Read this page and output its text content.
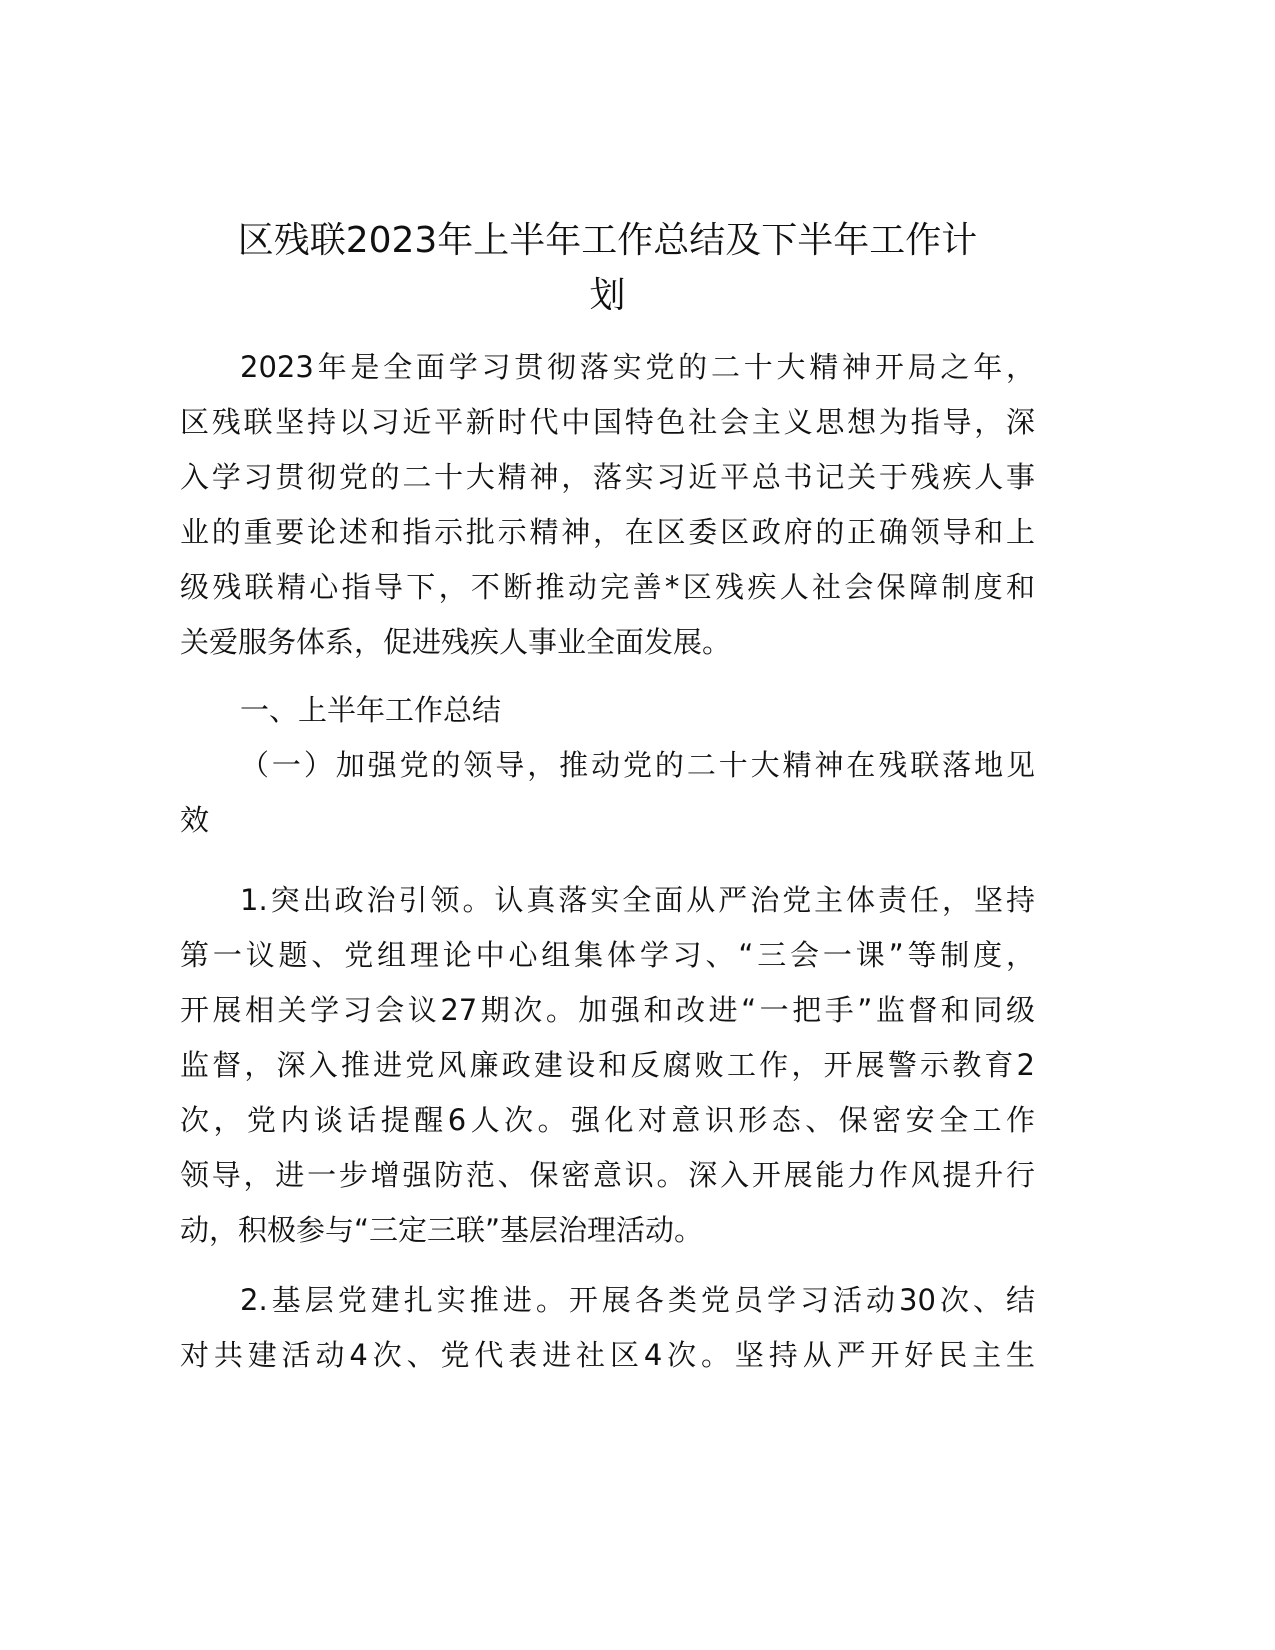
区残联2023年上半年工作总结及下半年工作计
划
2023年是全面学习贯彻落实党的二十大精神开局之年，
区残联坚持以习近平新时代中国特色社会主义思想为指导，深
入学习贯彻党的二十大精神，落实习近平总书记关于残疾人事
业的重要论述和指示批示精神，在区委区政府的正确领导和上
级残联精心指导下，不断推动完善*区残疾人社会保障制度和
关爱服务体系，促进残疾人事业全面发展。
一、上半年工作总结
（一）加强党的领导，推动党的二十大精神在残联落地见
效
1.突出政治引领。认真落实全面从严治党主体责任，坚持
第一议题、党组理论中心组集体学习、“三会一课”等制度，
开展相关学习会议27期次。加强和改进“一把手”监督和同级
监督，深入推进党风廉政建设和反腐败工作，开展警示教育2
次，党内谈话提醒6人次。强化对意识形态、保密安全工作
领导，进一步增强防范、保密意识。深入开展能力作风提升行
动，积极参与“三定三联”基层治理活动。
2.基层党建扎实推进。开展各类党员学习活动30次、结
对共建活动4次、党代表进社区4次。坚持从严开好民主生
